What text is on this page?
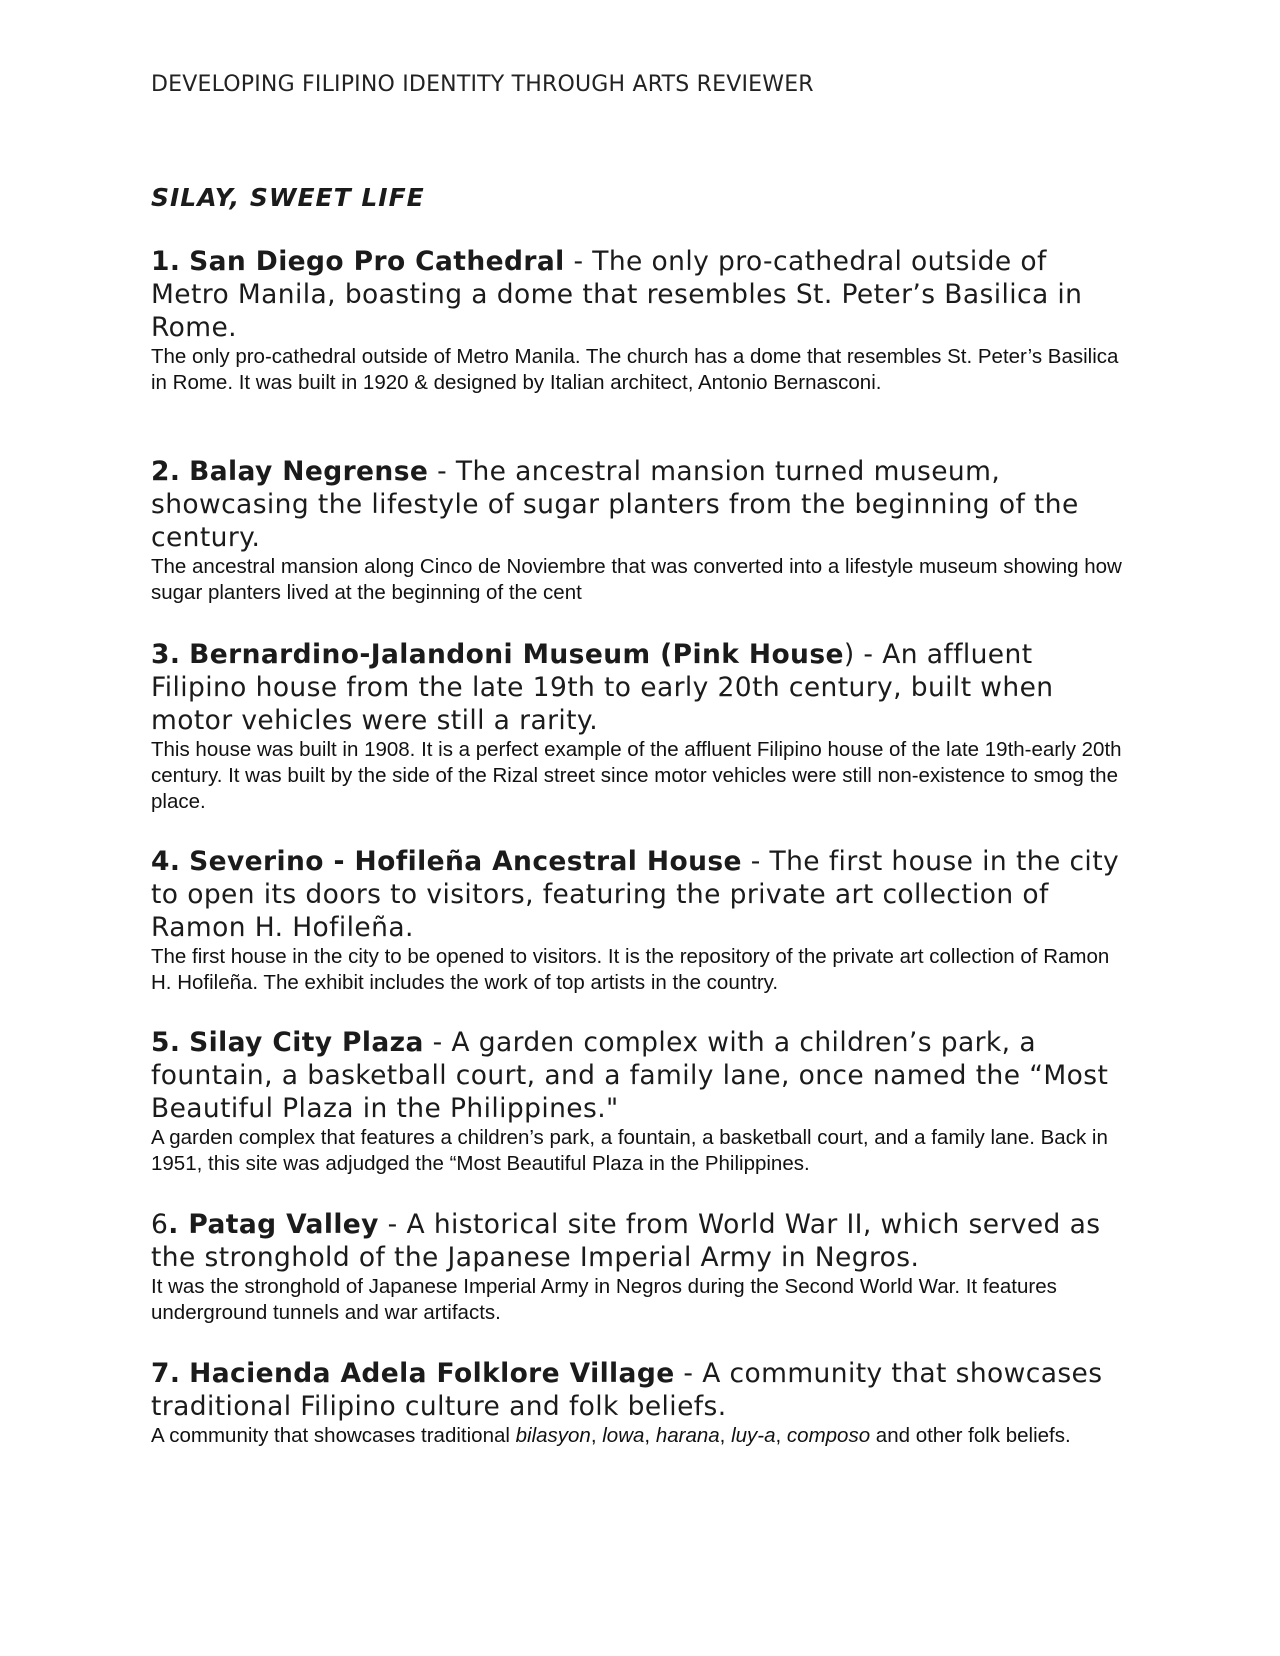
DEVELOPING FILIPINO IDENTITY THROUGH ARTS REVIEWER
SILAY, SWEET LIFE

1. San Diego Pro Cathedral - The only pro-cathedral outside of Metro Manila, boasting a dome that resembles St. Peter’s Basilica in Rome.

The only pro-cathedral outside of Metro Manila. The church has a dome that resembles St. Peter’s Basilica in Rome. It was built in 1920 & designed by Italian architect, Antonio Bernasconi.

2. Balay Negrense - The ancestral mansion turned museum, showcasing the lifestyle of sugar planters from the beginning of the century.

The ancestral mansion along Cinco de Noviembre that was converted into a lifestyle museum showing how sugar planters lived at the beginning of the cent

3. Bernardino-Jalandoni Museum (Pink House) - An affluent Filipino house from the late 19th to early 20th century, built when motor vehicles were still a rarity.

This house was built in 1908. It is a perfect example of the affluent Filipino house of the late 19th-early 20th century. It was built by the side of the Rizal street since motor vehicles were still non-existence to smog the place.

4. Severino - Hofileña Ancestral House - The first house in the city to open its doors to visitors, featuring the private art collection of Ramon H. Hofileña.

The first house in the city to be opened to visitors. It is the repository of the private art collection of Ramon H. Hofileña. The exhibit includes the work of top artists in the country.

5. Silay City Plaza - A garden complex with a children’s park, a fountain, a basketball court, and a family lane, once named the “Most Beautiful Plaza in the Philippines."

A garden complex that features a children’s park, a fountain, a basketball court, and a family lane. Back in 1951, this site was adjudged the “Most Beautiful Plaza in the Philippines.

6. Patag Valley - A historical site from World War II, which served as the stronghold of the Japanese Imperial Army in Negros.

It was the stronghold of Japanese Imperial Army in Negros during the Second World War. It features underground tunnels and war artifacts.

7. Hacienda Adela Folklore Village - A community that showcases traditional Filipino culture and folk beliefs.

A community that showcases traditional bilasyon, lowa, harana, luy-a, composo and other folk beliefs.
